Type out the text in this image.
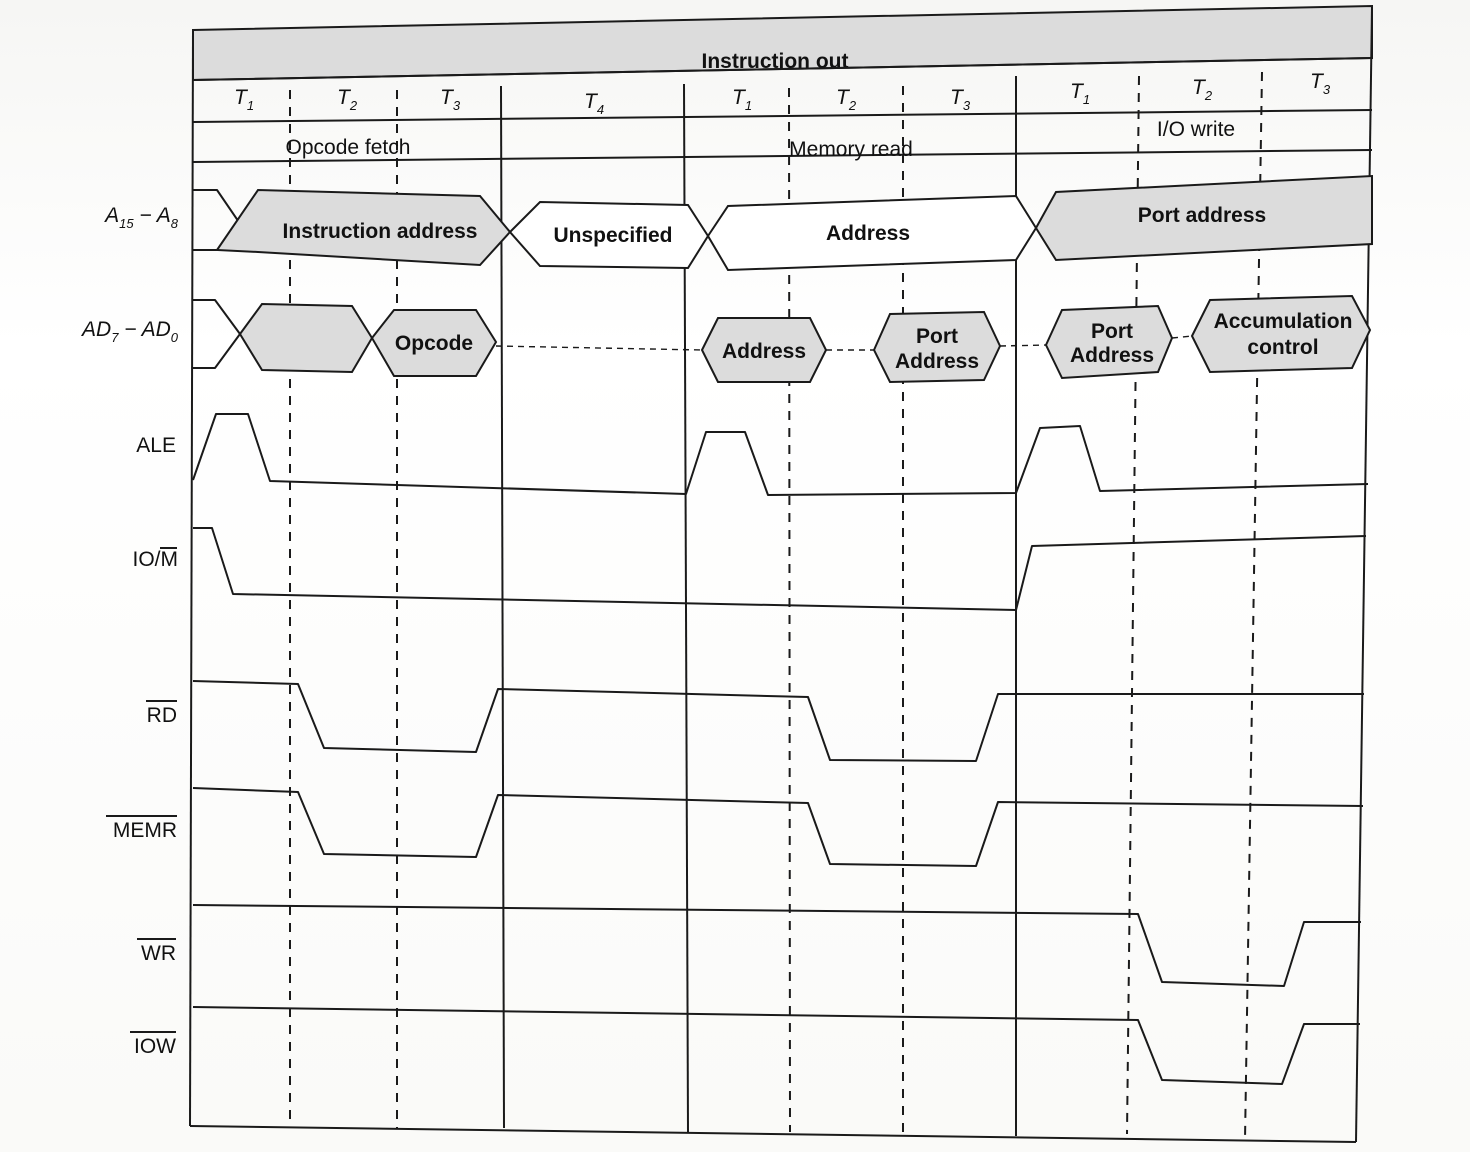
Instruction out
$T_1$	$T_2$	$T_3$	$T_4$
$T_1$	$T_2$	$T_3$
$T_1$
$T_2$
$T_3$
Opcode fetch	Memory read
I/O write
$A_{15} - A_8$
$AD_7 - AD_0$
ALE
IO/M
RD
MEMR
WR
IOW
Instruction address	Unspecified	Address
Port address
Opcode	Address
Port
Address
Port
Address
Accumulation
control
